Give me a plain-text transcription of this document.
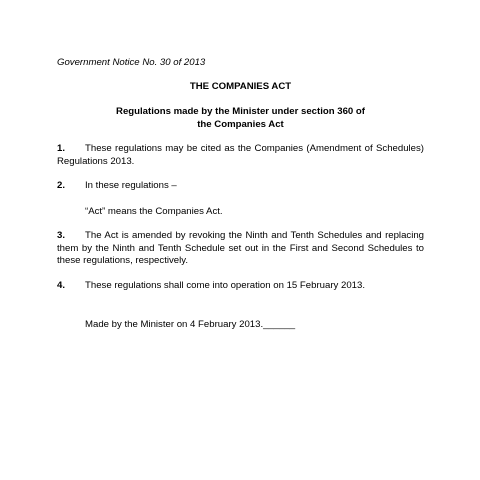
Government Notice No. 30 of 2013

THE COMPANIES ACT

Regulations made by the Minister under section 360 of
the Companies Act

1. These regulations may be cited as the Companies (Amendment of Schedules) Regulations 2013.

2. In these regulations –

“Act” means the Companies Act.

3. The Act is amended by revoking the Ninth and Tenth Schedules and replacing them by the Ninth and Tenth Schedule set out in the First and Second Schedules to these regulations, respectively.

4. These regulations shall come into operation on 15 February 2013.

Made by the Minister on 4 February 2013.______
